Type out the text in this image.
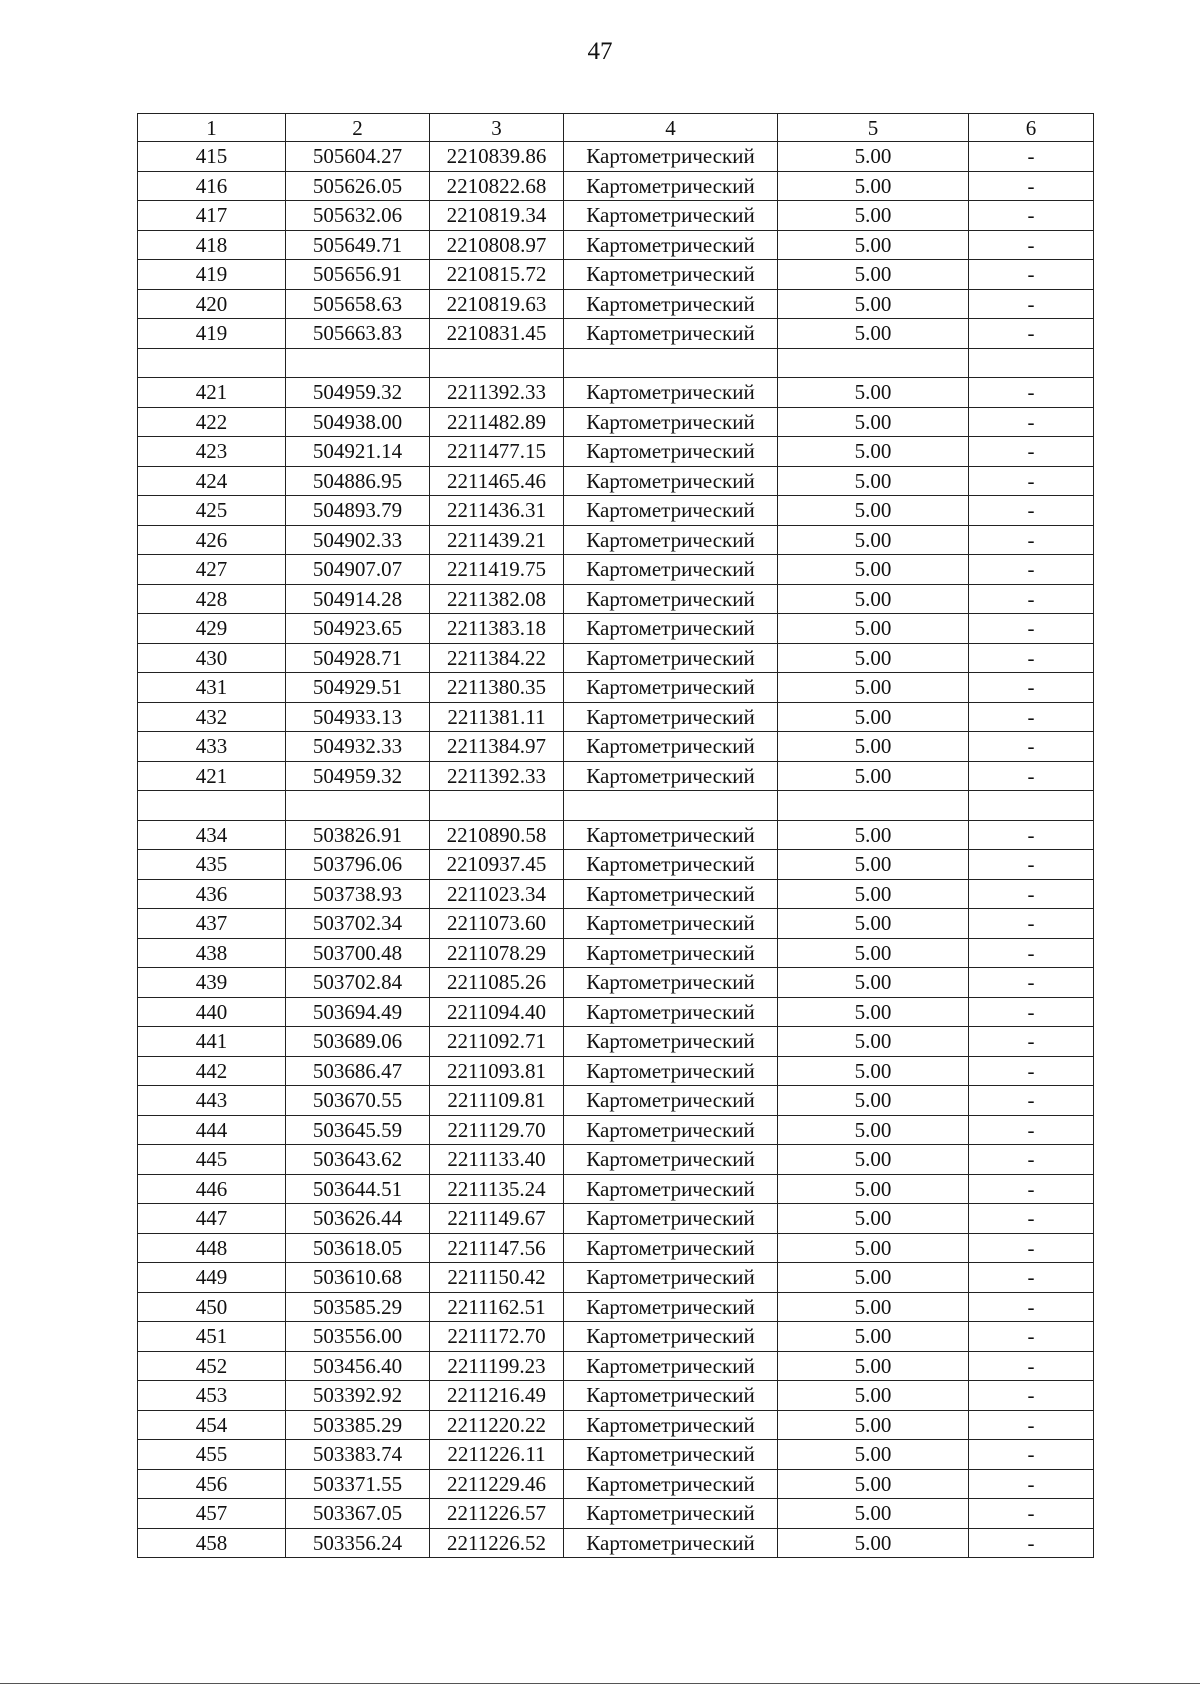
47
1	2	3	4	5	6
415	505604.27	2210839.86	Картометрический	5.00	-
416	505626.05	2210822.68	Картометрический	5.00	-
417	505632.06	2210819.34	Картометрический	5.00	-
418	505649.71	2210808.97	Картометрический	5.00	-
419	505656.91	2210815.72	Картометрический	5.00	-
420	505658.63	2210819.63	Картометрический	5.00	-
419	505663.83	2210831.45	Картометрический	5.00	-

421	504959.32	2211392.33	Картометрический	5.00	-
422	504938.00	2211482.89	Картометрический	5.00	-
423	504921.14	2211477.15	Картометрический	5.00	-
424	504886.95	2211465.46	Картометрический	5.00	-
425	504893.79	2211436.31	Картометрический	5.00	-
426	504902.33	2211439.21	Картометрический	5.00	-
427	504907.07	2211419.75	Картометрический	5.00	-
428	504914.28	2211382.08	Картометрический	5.00	-
429	504923.65	2211383.18	Картометрический	5.00	-
430	504928.71	2211384.22	Картометрический	5.00	-
431	504929.51	2211380.35	Картометрический	5.00	-
432	504933.13	2211381.11	Картометрический	5.00	-
433	504932.33	2211384.97	Картометрический	5.00	-
421	504959.32	2211392.33	Картометрический	5.00	-

434	503826.91	2210890.58	Картометрический	5.00	-
435	503796.06	2210937.45	Картометрический	5.00	-
436	503738.93	2211023.34	Картометрический	5.00	-
437	503702.34	2211073.60	Картометрический	5.00	-
438	503700.48	2211078.29	Картометрический	5.00	-
439	503702.84	2211085.26	Картометрический	5.00	-
440	503694.49	2211094.40	Картометрический	5.00	-
441	503689.06	2211092.71	Картометрический	5.00	-
442	503686.47	2211093.81	Картометрический	5.00	-
443	503670.55	2211109.81	Картометрический	5.00	-
444	503645.59	2211129.70	Картометрический	5.00	-
445	503643.62	2211133.40	Картометрический	5.00	-
446	503644.51	2211135.24	Картометрический	5.00	-
447	503626.44	2211149.67	Картометрический	5.00	-
448	503618.05	2211147.56	Картометрический	5.00	-
449	503610.68	2211150.42	Картометрический	5.00	-
450	503585.29	2211162.51	Картометрический	5.00	-
451	503556.00	2211172.70	Картометрический	5.00	-
452	503456.40	2211199.23	Картометрический	5.00	-
453	503392.92	2211216.49	Картометрический	5.00	-
454	503385.29	2211220.22	Картометрический	5.00	-
455	503383.74	2211226.11	Картометрический	5.00	-
456	503371.55	2211229.46	Картометрический	5.00	-
457	503367.05	2211226.57	Картометрический	5.00	-
458	503356.24	2211226.52	Картометрический	5.00	-
